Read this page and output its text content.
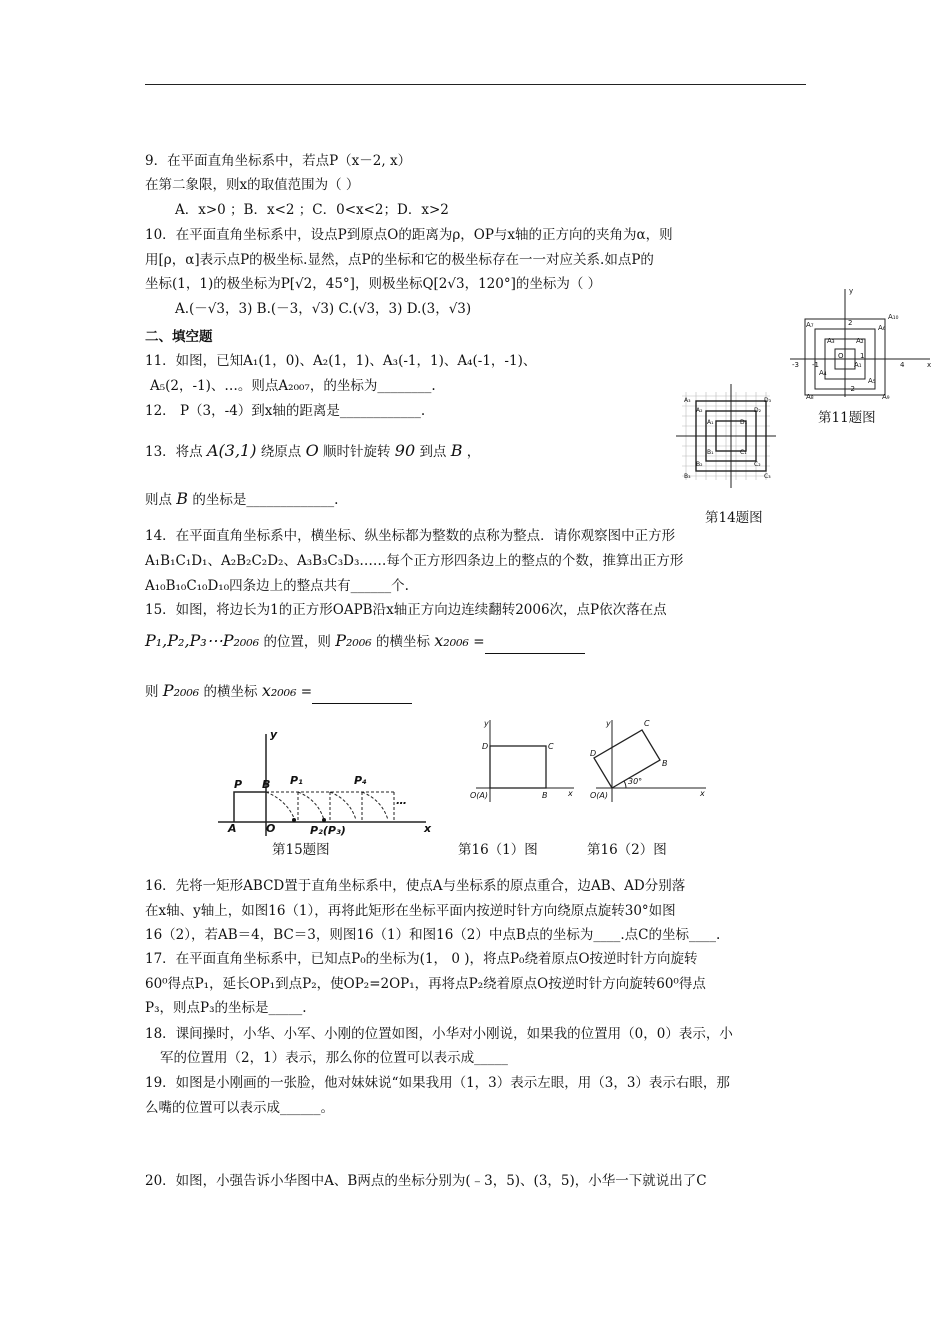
9．在平面直角坐标系中，若点P（x－2, x）
在第二象限，则x的取值范围为（ ）
A．x>0 ；B．x<2 ；C．0<x<2；D．x>2
10．在平面直角坐标系中，设点P到原点O的距离为ρ，OP与x轴的正方向的夹角为α，则
用[ρ，α]表示点P的极坐标.显然，点P的坐标和它的极坐标存在一一对应关系.如点P的
坐标(1，1)的极坐标为P[√2，45°]，则极坐标Q[2√3，120°]的坐标为（ ）
A.(－√3，3) B.(－3，√3) C.(√3，3) D.(3，√3)
二、填空题
11．如图，已知A₁(1，0)、A₂(1，1)、A₃(-1，1)、A₄(-1，-1)、
A₅(2，-1)、…。则点A₂₀₀₇，的坐标为________.
12． P（3，-4）到x轴的距离是____________.
13．将点 A(3,1) 绕原点 O 顺时针旋转 90 到点 B ，
则点 B 的坐标是_____________.
14．在平面直角坐标系中，横坐标、纵坐标都为整数的点称为整点．请你观察图中正方形
A₁B₁C₁D₁、A₂B₂C₂D₂、A₃B₃C₃D₃……每个正方形四条边上的整点的个数，推算出正方形
A₁₀B₁₀C₁₀D₁₀四条边上的整点共有______个.
15．如图，将边长为1的正方形OAPB沿x轴正方向边连续翻转2006次，点P依次落在点
P₁,P₂,P₃⋯P₂₀₀₆ 的位置，则 P₂₀₀₆ 的横坐标 x₂₀₀₆ =
则 P₂₀₀₆ 的横坐标 x₂₀₀₆ =
16．先将一矩形ABCD置于直角坐标系中，使点A与坐标系的原点重合，边AB、AD分别落
在x轴、y轴上，如图16（1），再将此矩形在坐标平面内按逆时针方向绕原点旋转30°如图
16（2），若AB＝4，BC＝3，则图16（1）和图16（2）中点B点的坐标为____.点C的坐标____.
17．在平面直角坐标系中，已知点P₀的坐标为(1， 0 )，将点P₀绕着原点O按逆时针方向旋转
60⁰得点P₁，延长OP₁到点P₂，使OP₂=2OP₁，再将点P₂绕着原点O按逆时针方向旋转60⁰得点
P₃，则点P₃的坐标是_____.
18．课间操时，小华、小军、小刚的位置如图，小华对小刚说，如果我的位置用（0，0）表示，小
军的位置用（2，1）表示，那么你的位置可以表示成_____
19．如图是小刚画的一张脸，他对妹妹说“如果我用（1，3）表示左眼，用（3，3）表示右眼，那
么嘴的位置可以表示成______。
20．如图，小强告诉小华图中A、B两点的坐标分别为(﹣3，5)、(3，5)，小华一下就说出了C
y
x
A₁₀
A₆
A₂
A₃
A₁
A₄
A₅
A₉
A₇
A₈
O
4
-3 -1
1
2
-2
第11题图
A₃	D₃
A₂	D₂
A₁	D₁
B₁	C₁
B₂	C₂
B₃	C₃
第14题图
y
x
P B P₁	P₄
A	O	P₂(P₃)
…
第15题图
y
x
D	C
O(A)	B
第16（1）图
y
x
C
D
B
O(A)
30°
第16（2）图
